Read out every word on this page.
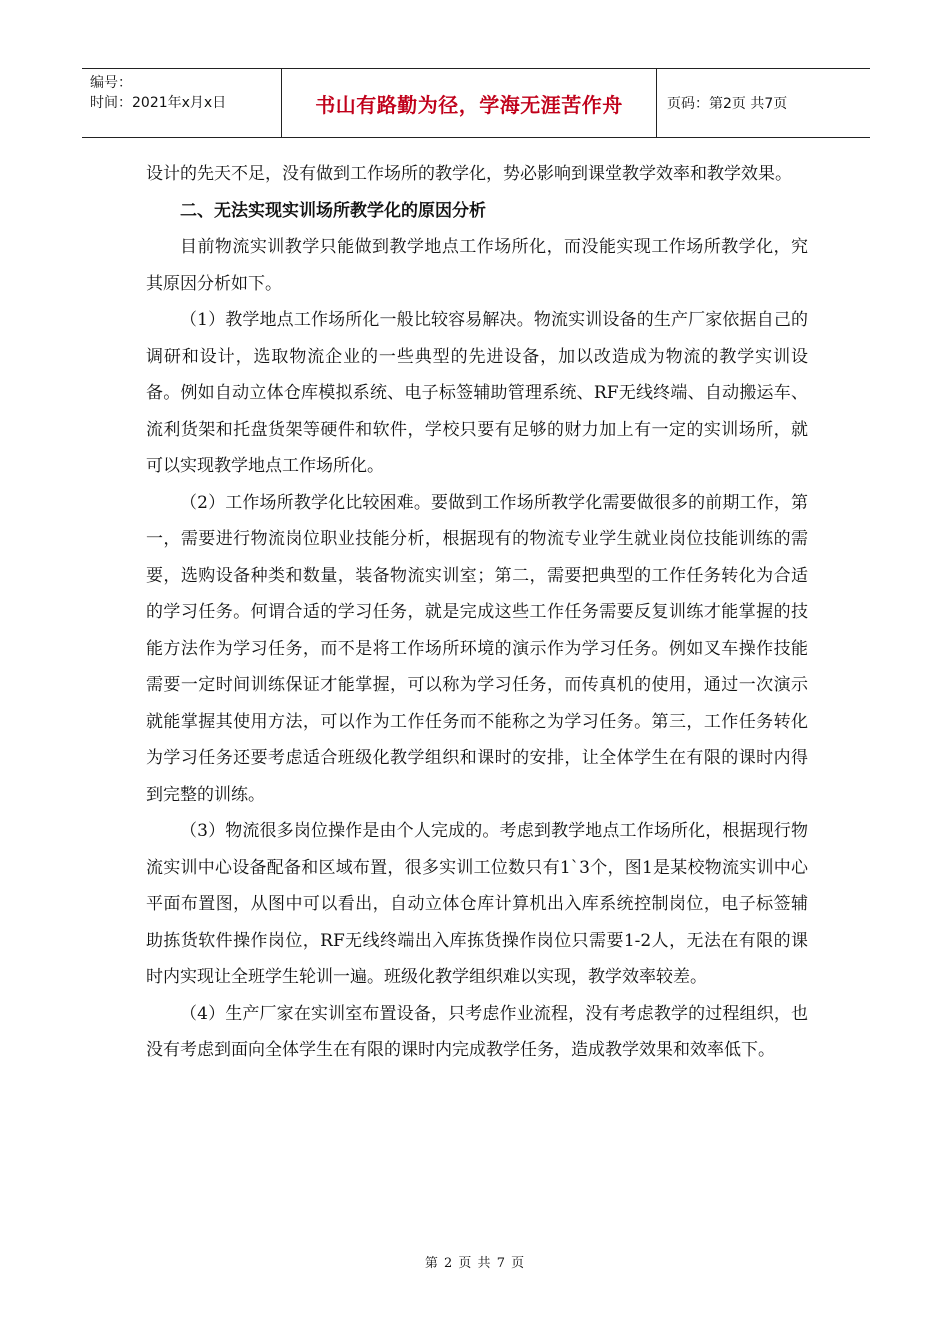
编号：
时间：2021年x月x日	书山有路勤为径，学海无涯苦作舟	页码：第2页 共7页

设计的先天不足，没有做到工作场所的教学化，势必影响到课堂教学效率和教学效果。

二、无法实现实训场所教学化的原因分析

目前物流实训教学只能做到教学地点工作场所化，而没能实现工作场所教学化，究其原因分析如下。

（1）教学地点工作场所化一般比较容易解决。物流实训设备的生产厂家依据自己的调研和设计，选取物流企业的一些典型的先进设备，加以改造成为物流的教学实训设备。例如自动立体仓库模拟系统、电子标签辅助管理系统、RF无线终端、自动搬运车、流利货架和托盘货架等硬件和软件，学校只要有足够的财力加上有一定的实训场所，就可以实现教学地点工作场所化。

（2）工作场所教学化比较困难。要做到工作场所教学化需要做很多的前期工作，第一，需要进行物流岗位职业技能分析，根据现有的物流专业学生就业岗位技能训练的需要，选购设备种类和数量，装备物流实训室；第二，需要把典型的工作任务转化为合适的学习任务。何谓合适的学习任务，就是完成这些工作任务需要反复训练才能掌握的技能方法作为学习任务，而不是将工作场所环境的演示作为学习任务。例如叉车操作技能需要一定时间训练保证才能掌握，可以称为学习任务，而传真机的使用，通过一次演示就能掌握其使用方法，可以作为工作任务而不能称之为学习任务。第三，工作任务转化为学习任务还要考虑适合班级化教学组织和课时的安排，让全体学生在有限的课时内得到完整的训练。

（3）物流很多岗位操作是由个人完成的。考虑到教学地点工作场所化，根据现行物流实训中心设备配备和区域布置，很多实训工位数只有1`3个，图1是某校物流实训中心平面布置图，从图中可以看出，自动立体仓库计算机出入库系统控制岗位，电子标签辅助拣货软件操作岗位，RF无线终端出入库拣货操作岗位只需要1-2人，无法在有限的课时内实现让全班学生轮训一遍。班级化教学组织难以实现，教学效率较差。

（4）生产厂家在实训室布置设备，只考虑作业流程，没有考虑教学的过程组织，也没有考虑到面向全体学生在有限的课时内完成教学任务，造成教学效果和效率低下。

第 2 页 共 7 页
